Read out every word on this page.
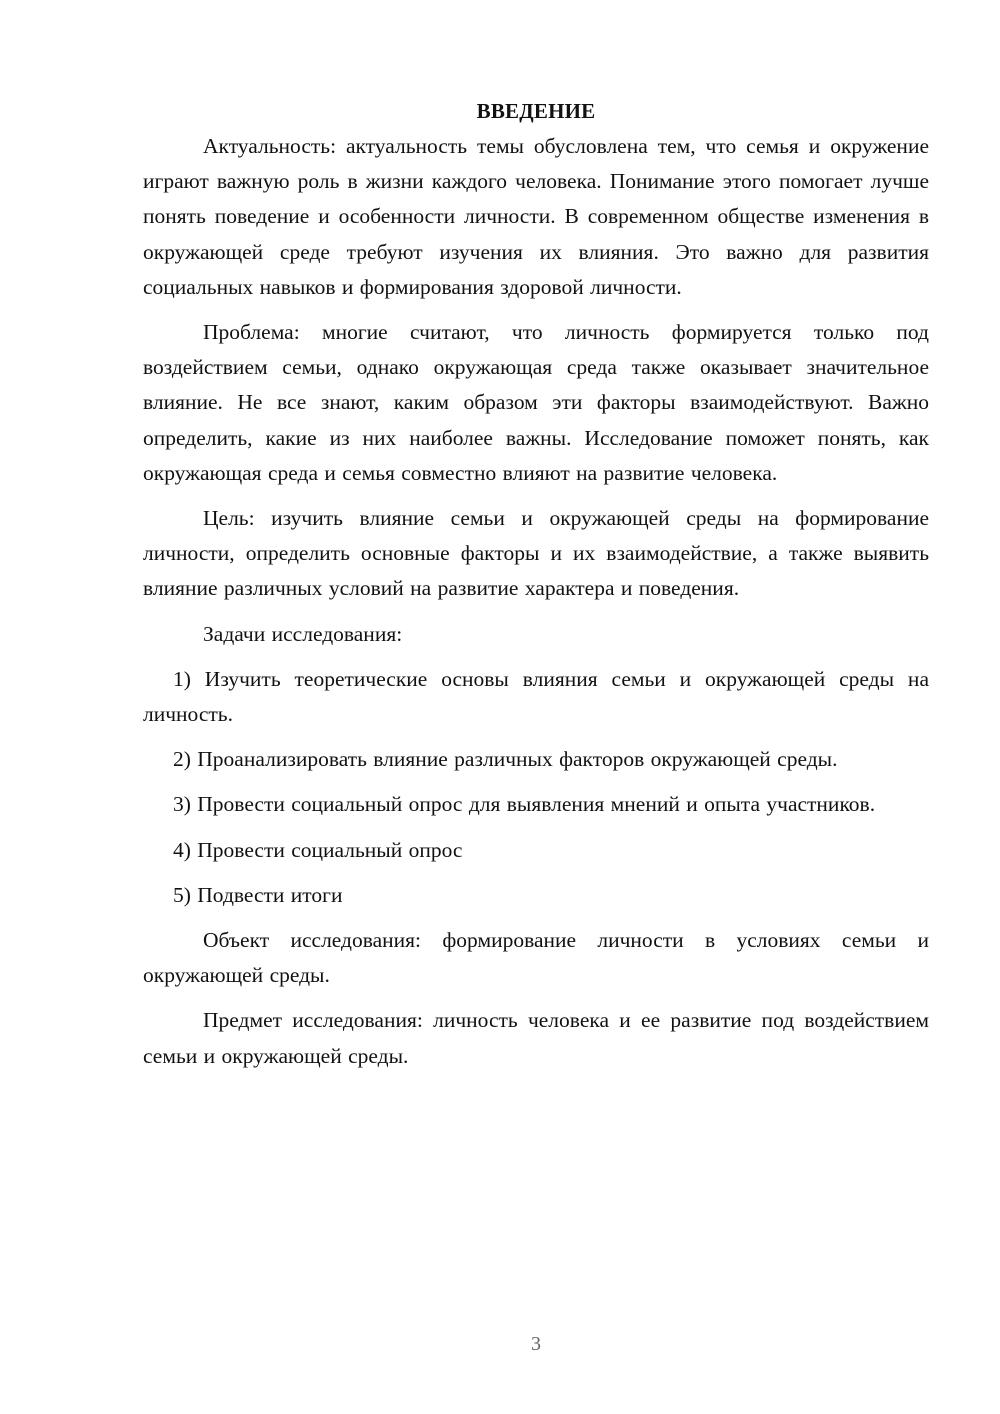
ВВЕДЕНИЕ

Актуальность: актуальность темы обусловлена тем, что семья и окружение играют важную роль в жизни каждого человека. Понимание этого помогает лучше понять поведение и особенности личности. В современном обществе изменения в окружающей среде требуют изучения их влияния. Это важно для развития социальных навыков и формирования здоровой личности.

Проблема: многие считают, что личность формируется только под воздействием семьи, однако окружающая среда также оказывает значительное влияние. Не все знают, каким образом эти факторы взаимодействуют. Важно определить, какие из них наиболее важны. Исследование поможет понять, как окружающая среда и семья совместно влияют на развитие человека.

Цель: изучить влияние семьи и окружающей среды на формирование личности, определить основные факторы и их взаимодействие, а также выявить влияние различных условий на развитие характера и поведения.

Задачи исследования:

1) Изучить теоретические основы влияния семьи и окружающей среды на личность.

2) Проанализировать влияние различных факторов окружающей среды.

3) Провести социальный опрос для выявления мнений и опыта участников.

4) Провести социальный опрос

5) Подвести итоги

Объект исследования: формирование личности в условиях семьи и окружающей среды.

Предмет исследования: личность человека и ее развитие под воздействием семьи и окружающей среды.

3
